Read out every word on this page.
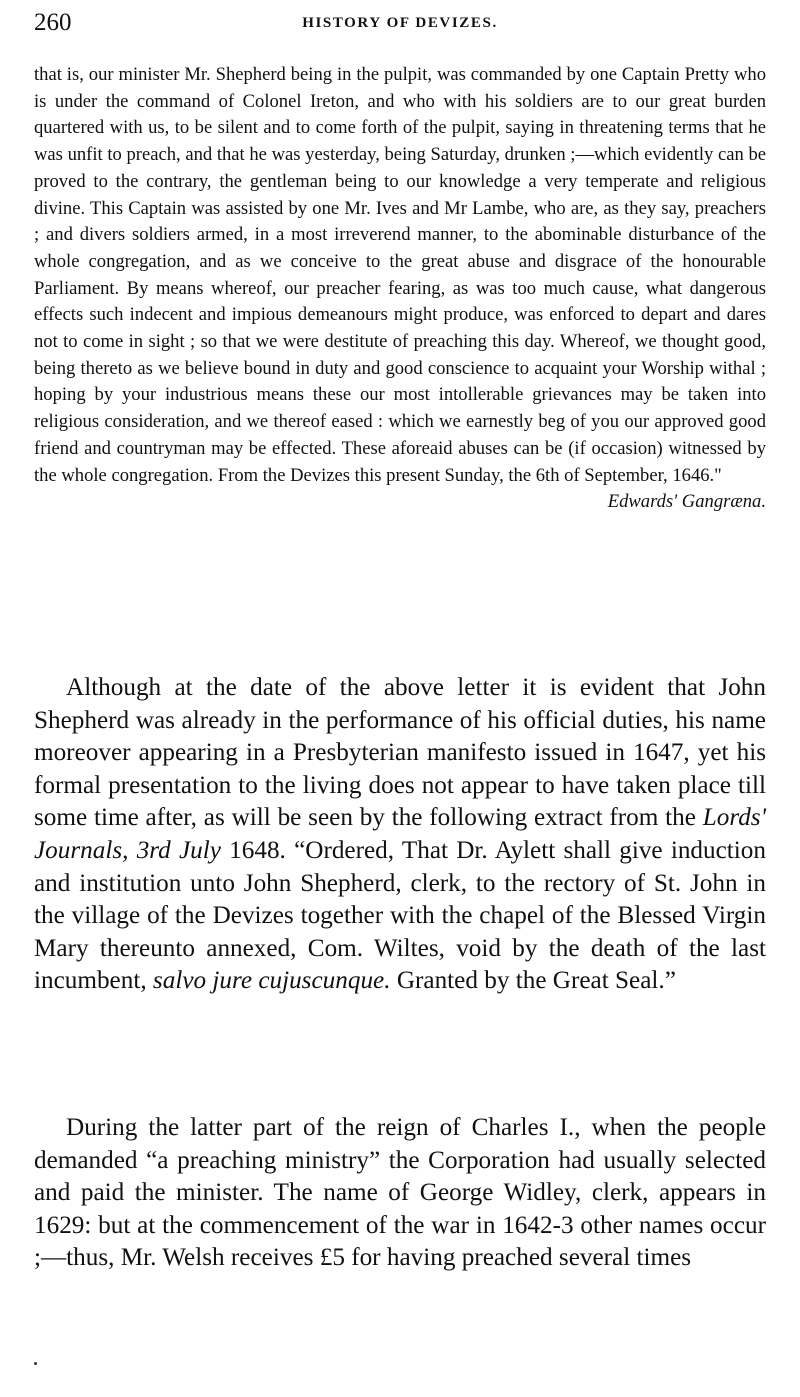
260	HISTORY OF DEVIZES.

that is, our minister Mr. Shepherd being in the pulpit, was commanded by one Captain Pretty who is under the command of Colonel Ireton, and who with his soldiers are to our great burden quartered with us, to be silent and to come forth of the pulpit, saying in threatening terms that he was unfit to preach, and that he was yesterday, being Saturday, drunken ;—which evidently can be proved to the contrary, the gentleman being to our knowledge a very temperate and religious divine. This Captain was assisted by one Mr. Ives and Mr Lambe, who are, as they say, preachers ; and divers soldiers armed, in a most irreverend manner, to the abominable disturbance of the whole congregation, and as we conceive to the great abuse and disgrace of the honourable Parliament. By means whereof, our preacher fearing, as was too much cause, what dangerous effects such indecent and impious demeanours might produce, was enforced to depart and dares not to come in sight ; so that we were destitute of preaching this day. Whereof, we thought good, being thereto as we believe bound in duty and good conscience to acquaint your Worship withal ; hoping by your industrious means these our most intollerable grievances may be taken into religious consideration, and we thereof eased : which we earnestly beg of you our approved good friend and countryman may be effected. These aforeaid abuses can be (if occasion) witnessed by the whole congregation. From the Devizes this present Sunday, the 6th of September, 1646."
Edwards' Gangræna.

Although at the date of the above letter it is evident that John Shepherd was already in the performance of his official duties, his name moreover appearing in a Presbyterian manifesto issued in 1647, yet his formal presentation to the living does not appear to have taken place till some time after, as will be seen by the following extract from the Lords' Journals, 3rd July 1648. “Ordered, That Dr. Aylett shall give induction and institution unto John Shepherd, clerk, to the rectory of St. John in the village of the Devizes together with the chapel of the Blessed Virgin Mary thereunto annexed, Com. Wiltes, void by the death of the last incumbent, salvo jure cujuscunque. Granted by the Great Seal.”

During the latter part of the reign of Charles I., when the people demanded “a preaching ministry” the Corporation had usually selected and paid the minister. The name of George Widley, clerk, appears in 1629: but at the commencement of the war in 1642-3 other names occur ;—thus, Mr. Welsh receives £5 for having preached several times
